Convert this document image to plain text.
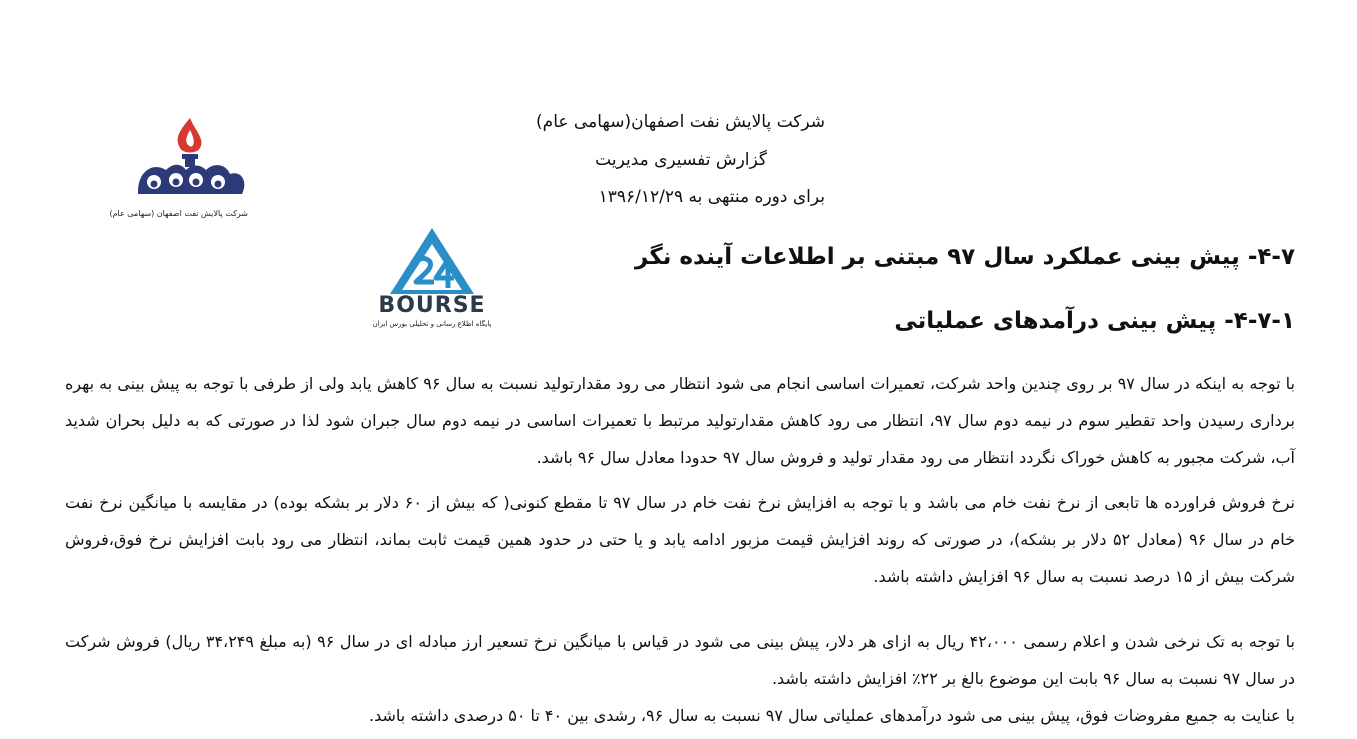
شرکت پالایش نفت اصفهان(سهامی عام)
گزارش تفسیری مدیریت
برای دوره منتهی به ۱۳۹۶/۱۲/۲۹
شرکت پالایش نفت اصفهان (سهامی عام)
BOURSE
پایگاه اطلاع رسانی و تحلیلی بورس ایران
۴-۷- پیش بینی عملکرد سال ۹۷ مبتنی بر اطلاعات آینده نگر
۴-۷-۱- پیش بینی درآمدهای عملیاتی
با توجه به اینکه در سال ۹۷ بر روی چندین واحد شرکت، تعمیرات اساسی انجام می شود انتظار می رود مقدارتولید نسبت به سال ۹۶ کاهش یابد ولی از طرفی با توجه به پیش بینی به بهره برداری رسیدن واحد تقطیر سوم در نیمه دوم سال ۹۷، انتظار می رود کاهش مقدارتولید مرتبط با تعمیرات اساسی در نیمه دوم سال جبران شود لذا در صورتی که به دلیل بحران شدید آب، شرکت مجبور به کاهش خوراک نگردد انتظار می رود مقدار تولید و فروش سال ۹۷ حدودا معادل سال ۹۶ باشد.
نرخ فروش فراورده ها تابعی از نرخ نفت خام می باشد و با توجه به افزایش نرخ نفت خام در سال ۹۷ تا مقطع کنونی( که بیش از ۶۰ دلار بر بشکه بوده) در مقایسه با میانگین نرخ نفت خام در سال ۹۶ (معادل ۵۲ دلار بر بشکه)، در صورتی که روند افزایش قیمت مزبور ادامه یابد و یا حتی در حدود همین قیمت ثابت بماند، انتظار می رود بابت افزایش نرخ فوق،فروش شرکت بیش از ۱۵ درصد نسبت به سال ۹۶ افزایش داشته باشد.
با توجه به تک نرخی شدن و اعلام رسمی ۴۲،۰۰۰ ریال به ازای هر دلار، پیش بینی می شود در قیاس با میانگین نرخ تسعیر ارز مبادله ای در سال ۹۶ (به مبلغ ۳۴،۲۴۹ ریال) فروش شرکت در سال ۹۷ نسبت به سال ۹۶ بابت این موضوع بالغ بر ۲۲٪ افزایش داشته باشد.
با عنایت به جمیع مفروضات فوق، پیش بینی می شود درآمدهای عملیاتی سال ۹۷ نسبت به سال ۹۶، رشدی بین ۴۰ تا ۵۰ درصدی داشته باشد.
